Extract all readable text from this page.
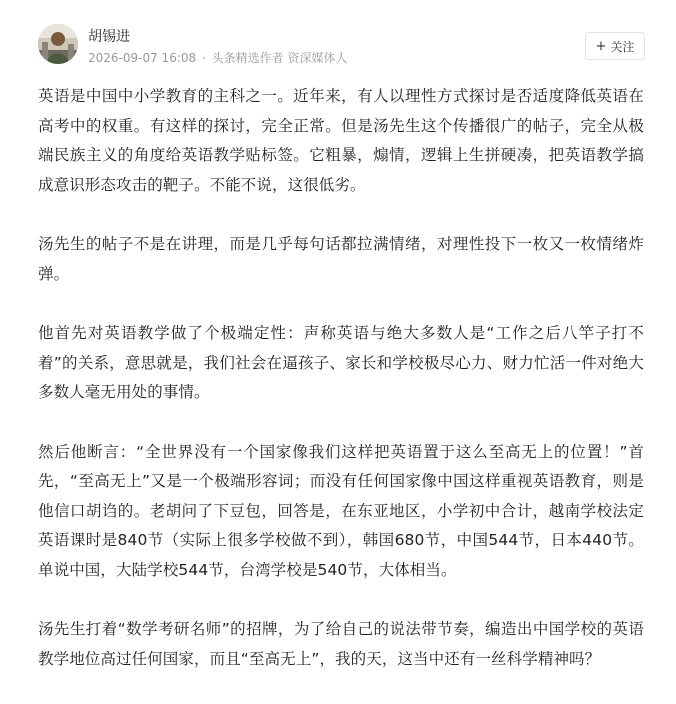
胡锡进
2026-09-07 16:08 · 头条精选作者 资深媒体人
+ 关注

英语是中国中小学教育的主科之一。近年来，有人以理性方式探讨是否适度降低英语在高考中的权重。有这样的探讨，完全正常。但是汤先生这个传播很广的帖子，完全从极端民族主义的角度给英语教学贴标签。它粗暴，煽情，逻辑上生拼硬凑，把英语教学搞成意识形态攻击的靶子。不能不说，这很低劣。

汤先生的帖子不是在讲理，而是几乎每句话都拉满情绪，对理性投下一枚又一枚情绪炸弹。

他首先对英语教学做了个极端定性：声称英语与绝大多数人是“工作之后八竿子打不着”的关系，意思就是，我们社会在逼孩子、家长和学校极尽心力、财力忙活一件对绝大多数人毫无用处的事情。

然后他断言：“全世界没有一个国家像我们这样把英语置于这么至高无上的位置！”首先，“至高无上”又是一个极端形容词；而没有任何国家像中国这样重视英语教育，则是他信口胡诌的。老胡问了下豆包，回答是，在东亚地区，小学初中合计，越南学校法定英语课时是840节（实际上很多学校做不到），韩国680节，中国544节，日本440节。单说中国，大陆学校544节，台湾学校是540节，大体相当。

汤先生打着“数学考研名师”的招牌，为了给自己的说法带节奏，编造出中国学校的英语教学地位高过任何国家，而且“至高无上”，我的天，这当中还有一丝科学精神吗？
